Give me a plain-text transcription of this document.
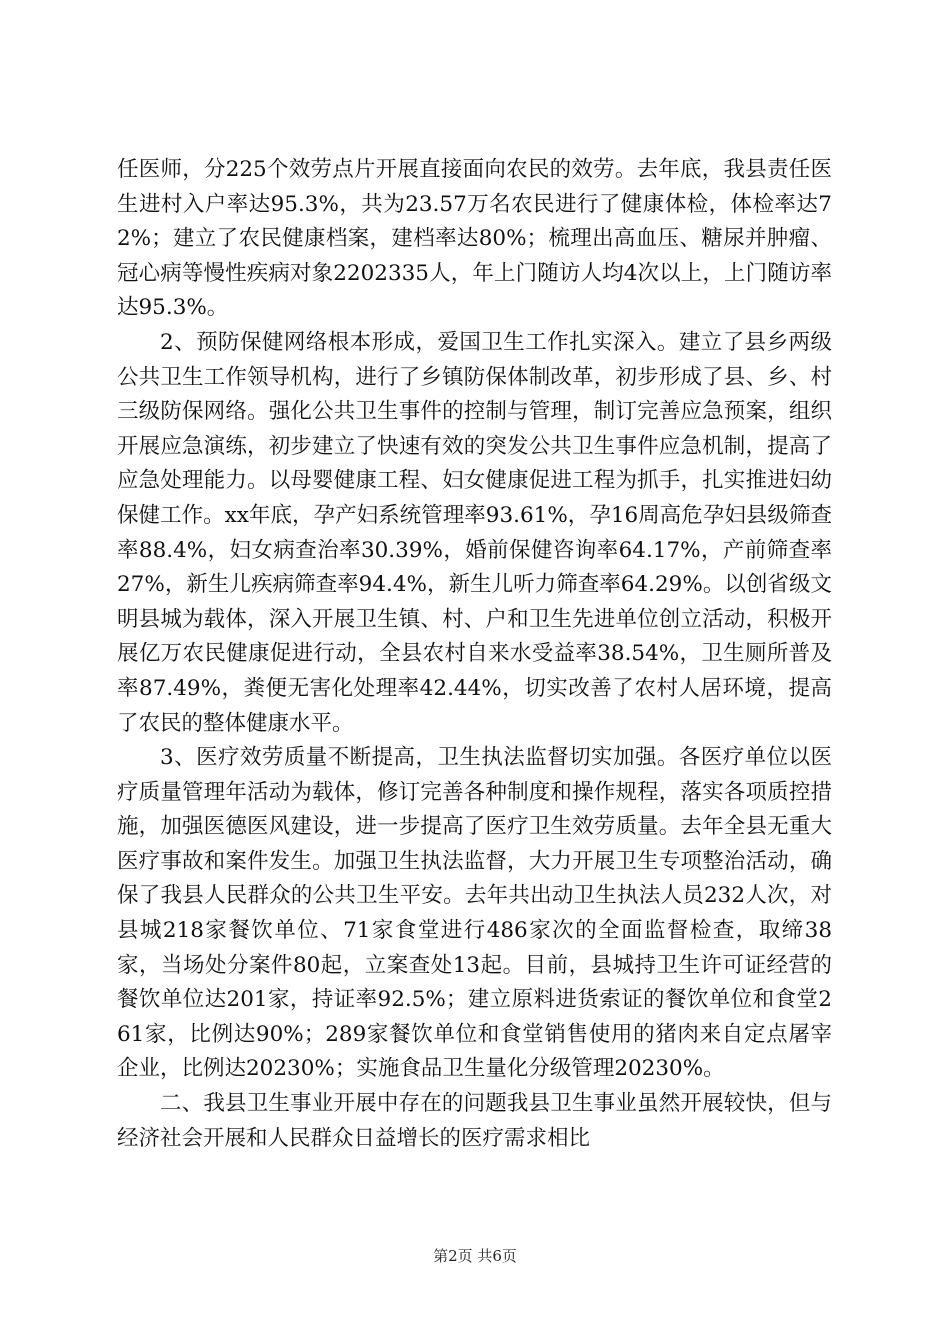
任医师，分225个效劳点片开展直接面向农民的效劳。去年底，我县责任医生进村入户率达95.3%，共为23.57万名农民进行了健康体检，体检率达72%；建立了农民健康档案，建档率达80%；梳理出高血压、糖尿并肿瘤、冠心病等慢性疾病对象2202335人，年上门随访人均4次以上，上门随访率达95.3%。

2、预防保健网络根本形成，爱国卫生工作扎实深入。建立了县乡两级公共卫生工作领导机构，进行了乡镇防保体制改革，初步形成了县、乡、村三级防保网络。强化公共卫生事件的控制与管理，制订完善应急预案，组织开展应急演练，初步建立了快速有效的突发公共卫生事件应急机制，提高了应急处理能力。以母婴健康工程、妇女健康促进工程为抓手，扎实推进妇幼保健工作。xx年底，孕产妇系统管理率93.61%，孕16周高危孕妇县级筛查率88.4%，妇女病查治率30.39%，婚前保健咨询率64.17%，产前筛查率27%，新生儿疾病筛查率94.4%，新生儿听力筛查率64.29%。以创省级文明县城为载体，深入开展卫生镇、村、户和卫生先进单位创立活动，积极开展亿万农民健康促进行动，全县农村自来水受益率38.54%，卫生厕所普及率87.49%，粪便无害化处理率42.44%，切实改善了农村人居环境，提高了农民的整体健康水平。

3、医疗效劳质量不断提高，卫生执法监督切实加强。各医疗单位以医疗质量管理年活动为载体，修订完善各种制度和操作规程，落实各项质控措施，加强医德医风建设，进一步提高了医疗卫生效劳质量。去年全县无重大医疗事故和案件发生。加强卫生执法监督，大力开展卫生专项整治活动，确保了我县人民群众的公共卫生平安。去年共出动卫生执法人员232人次，对县城218家餐饮单位、71家食堂进行486家次的全面监督检查，取缔38家，当场处分案件80起，立案查处13起。目前，县城持卫生许可证经营的餐饮单位达201家，持证率92.5%；建立原料进货索证的餐饮单位和食堂261家，比例达90%；289家餐饮单位和食堂销售使用的猪肉来自定点屠宰企业，比例达20230%；实施食品卫生量化分级管理20230%。

二、我县卫生事业开展中存在的问题我县卫生事业虽然开展较快，但与经济社会开展和人民群众日益增长的医疗需求相比

第2页 共6页
